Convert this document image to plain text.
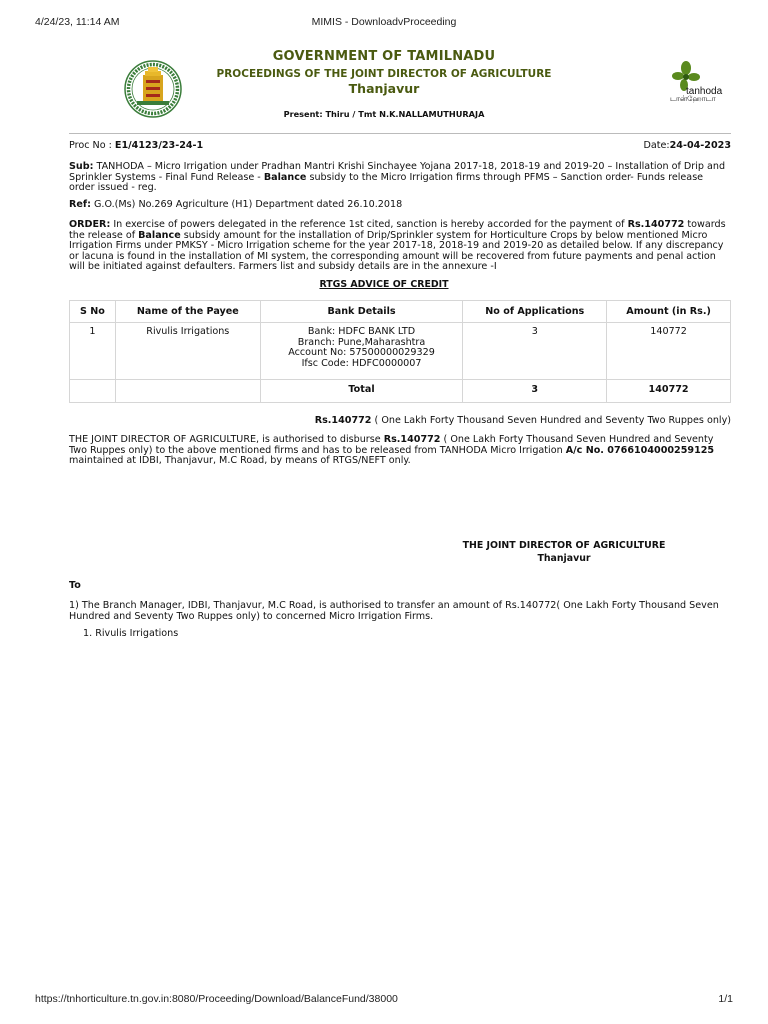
4/24/23, 11:14 AM	MIMIS - DownloadvProceeding
GOVERNMENT OF TAMILNADU
PROCEEDINGS OF THE JOINT DIRECTOR OF AGRICULTURE
Thanjavur
Present: Thiru / Tmt N.K.NALLAMUTHURAJA
டான்ஹோடா
tanhoda
Proc No : E1/4123/23-24-1	Date:24-04-2023
Sub: TANHODA – Micro Irrigation under Pradhan Mantri Krishi Sinchayee Yojana 2017-18, 2018-19 and 2019-20 – Installation of Drip and Sprinkler Systems - Final Fund Release - Balance subsidy to the Micro Irrigation firms through PFMS – Sanction order- Funds release order issued - reg.
Ref: G.O.(Ms) No.269 Agriculture (H1) Department dated 26.10.2018
ORDER: In exercise of powers delegated in the reference 1st cited, sanction is hereby accorded for the payment of Rs.140772 towards the release of Balance subsidy amount for the installation of Drip/Sprinkler system for Horticulture Crops by below mentioned Micro Irrigation Firms under PMKSY - Micro Irrigation scheme for the year 2017-18, 2018-19 and 2019-20 as detailed below. If any discrepancy or lacuna is found in the installation of MI system, the corresponding amount will be recovered from future payments and penal action will be initiated against defaulters. Farmers list and subsidy details are in the annexure -I
RTGS ADVICE OF CREDIT
S No	Name of the Payee	Bank Details	No of Applications	Amount (in Rs.)
1	Rivulis Irrigations	Bank: HDFC BANK LTD
Branch: Pune,Maharashtra
Account No: 57500000029329
Ifsc Code: HDFC0000007	3	140772
		Total	3	140772
Rs.140772 ( One Lakh Forty Thousand Seven Hundred and Seventy Two Ruppes only)
THE JOINT DIRECTOR OF AGRICULTURE, is authorised to disburse Rs.140772 ( One Lakh Forty Thousand Seven Hundred and Seventy Two Ruppes only) to the above mentioned firms and has to be released from TANHODA Micro Irrigation A/c No. 0766104000259125 maintained at IDBI, Thanjavur, M.C Road, by means of RTGS/NEFT only.
THE JOINT DIRECTOR OF AGRICULTURE
Thanjavur
To
1) The Branch Manager, IDBI, Thanjavur, M.C Road, is authorised to transfer an amount of Rs.140772( One Lakh Forty Thousand Seven Hundred and Seventy Two Ruppes only) to concerned Micro Irrigation Firms.
1. Rivulis Irrigations
https://tnhorticulture.tn.gov.in:8080/Proceeding/Download/BalanceFund/38000	1/1
